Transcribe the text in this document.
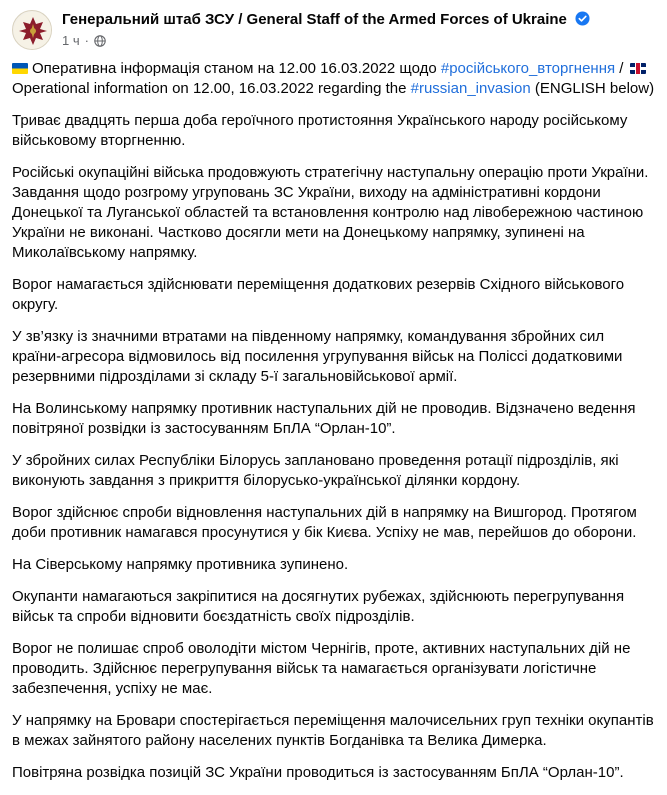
Генеральний штаб ЗСУ / General Staff of the Armed Forces of Ukraine
1 ч ·
Оперативна інформація станом на 12.00 16.03.2022 щодо #російського_вторгнення /  Operational information on 12.00, 16.03.2022 regarding the #russian_invasion (ENGLISH below)

Триває двадцять перша доба героїчного протистояння Українського народу російському військовому вторгненню.

Російські окупаційні війська продовжують стратегічну наступальну операцію проти України. Завдання щодо розгрому угруповань ЗС України, виходу на адміністративні кордони Донецької та Луганської областей та встановлення контролю над лівобережною частиною України не виконані. Частково досягли мети на Донецькому напрямку, зупинені на Миколаївському напрямку.

Ворог намагається здійснювати переміщення додаткових резервів Східного військового округу.

У зв’язку із значними втратами на південному напрямку, командування збройних сил країни-агресора відмовилось від посилення угрупування військ на Поліссі додатковими резервними підрозділами зі складу 5-ї загальновійськової армії.

На Волинському напрямку противник наступальних дій не проводив. Відзначено ведення повітряної розвідки із застосуванням БпЛА “Орлан-10”.

У збройних силах Республіки Білорусь заплановано проведення ротації підрозділів, які виконують завдання з прикриття білорусько-української ділянки кордону.

Ворог здійснює спроби відновлення наступальних дій в напрямку на Вишгород. Протягом доби противник намагався просунутися у бік Києва. Успіху не мав, перейшов до оборони.

На Сіверському напрямку противника зупинено.

Окупанти намагаються закріпитися на досягнутих рубежах, здійснюють перегрупування військ та спроби відновити боєздатність своїх підрозділів.

Ворог не полишає спроб оволодіти містом Чернігів, проте, активних наступальних дій не проводить. Здійснює перегрупування військ та намагається організувати логістичне забезпечення, успіху не має.

У напрямку на Бровари спостерігається переміщення малочисельних груп техніки окупантів в межах зайнятого району населених пунктів Богданівка та Велика Димерка.

Повітряна розвідка позицій ЗС України проводиться із застосуванням БпЛА “Орлан-10”.
